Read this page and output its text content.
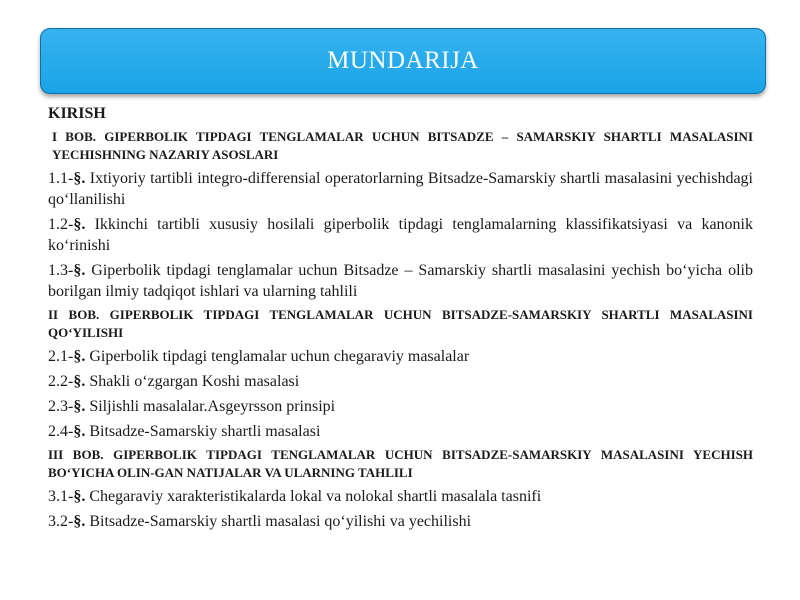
MUNDARIJA
KIRISH
I BOB. GIPERBOLIK TIPDAGI TENGLAMALAR UCHUN BITSADZE – SAMARSKIY SHARTLI MASALASINI YECHISHNING NAZARIY ASOSLARI
1.1-§. Ixtiyoriy tartibli integro-differensial operatorlarning Bitsadze-Samarskiy shartli masalasini yechishdagi qo‘llanilishi
1.2-§. Ikkinchi tartibli xususiy hosilali giperbolik tipdagi tenglamalarning klassifikatsiyasi va kanonik ko‘rinishi
1.3-§. Giperbolik tipdagi tenglamalar uchun Bitsadze – Samarskiy shartli masalasini yechish bo‘yicha olib borilgan ilmiy tadqiqot ishlari va ularning tahlili
II BOB. GIPERBOLIK TIPDAGI TENGLAMALAR UCHUN BITSADZE-SAMARSKIY SHARTLI MASALASINI QO‘YILISHI
2.1-§. Giperbolik tipdagi tenglamalar uchun chegaraviy masalalar
2.2-§. Shakli o‘zgargan Koshi masalasi
2.3-§. Siljishli masalalar.Asgeyrsson prinsipi
2.4-§. Bitsadze-Samarskiy shartli masalasi
III BOB. GIPERBOLIK TIPDAGI TENGLAMALAR UCHUN BITSADZE-SAMARSKIY MASALASINI YECHISH BO‘YICHA OLIN-GAN NATIJALAR VA ULARNING TAHLILI
3.1-§. Chegaraviy xarakteristikalarda lokal va nolokal shartli masalala tasnifi
3.2-§. Bitsadze-Samarskiy shartli masalasi qo‘yilishi va yechilishi
